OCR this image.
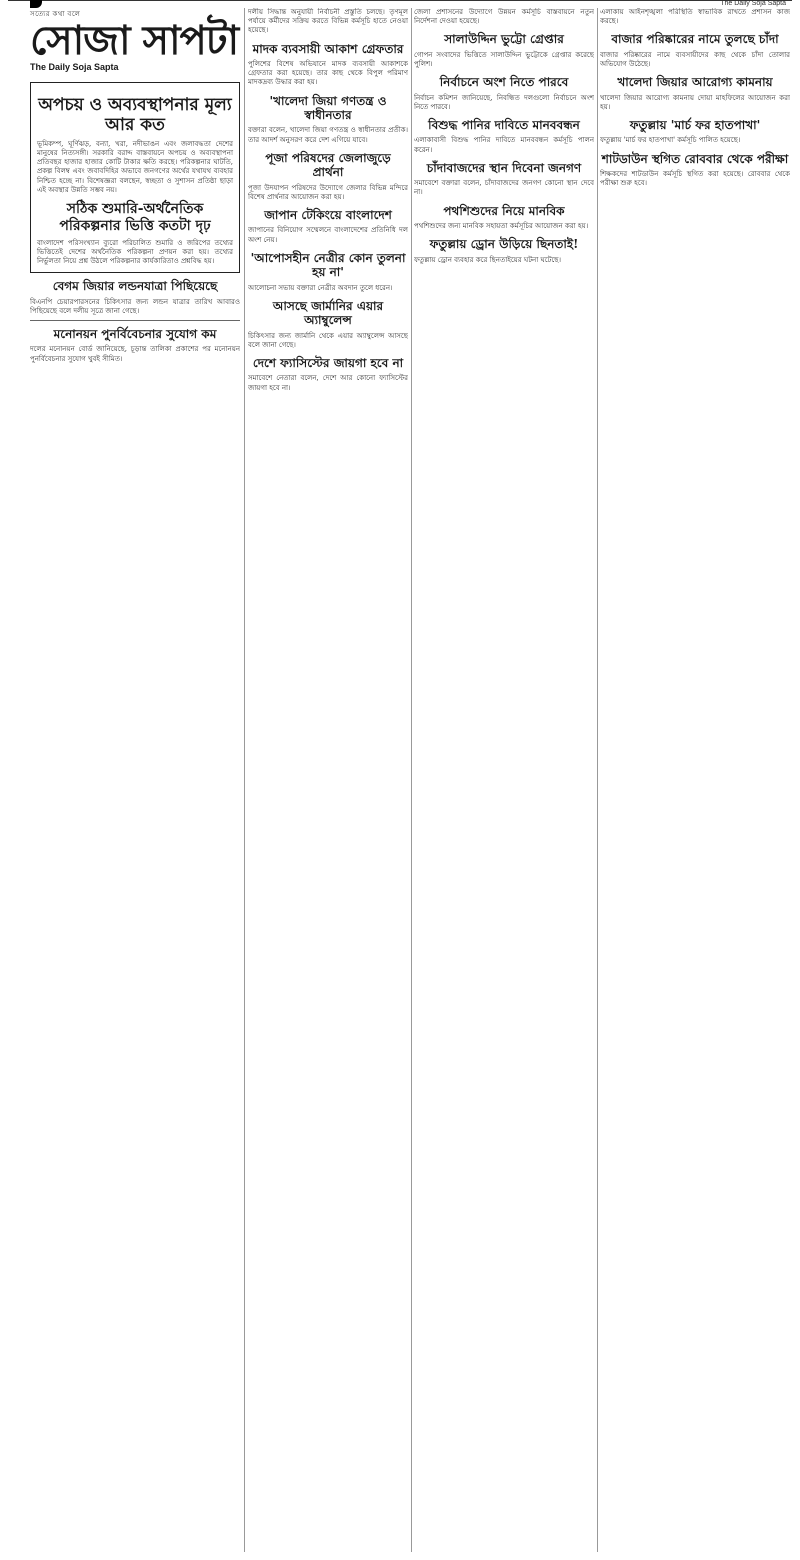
The Daily Soja Sapta
সত্যের কথা বলে
সোজা সাপটা
The Daily Soja Sapta
অপচয় ও অব্যবস্থাপনার মূল্য আর কত
ভূমিকম্প, ঘূর্ণিঝড়, বন্যা, খরা, নদীভাঙন এবং জলাবদ্ধতা দেশের মানুষের নিত্যসঙ্গী। সরকারি বরাদ্দ বাস্তবায়নে অপচয় ও অব্যবস্থাপনা প্রতিবছর হাজার হাজার কোটি টাকার ক্ষতি করছে। পরিকল্পনার ঘাটতি, প্রকল্প বিলম্ব এবং জবাবদিহির অভাবে জনগণের অর্থের যথাযথ ব্যবহার নিশ্চিত হচ্ছে না। বিশেষজ্ঞরা বলছেন, স্বচ্ছতা ও সুশাসন প্রতিষ্ঠা ছাড়া এই অবস্থার উন্নতি সম্ভব নয়।
সঠিক শুমারি-অর্থনৈতিক পরিকল্পনার ভিত্তি কতটা দৃঢ়
বাংলাদেশ পরিসংখ্যান ব্যুরো পরিচালিত শুমারি ও জরিপের তথ্যের ভিত্তিতেই দেশের অর্থনৈতিক পরিকল্পনা প্রণয়ন করা হয়। তথ্যের নির্ভুলতা নিয়ে প্রশ্ন উঠলে পরিকল্পনার কার্যকারিতাও প্রশ্নবিদ্ধ হয়।
বেগম জিয়ার লন্ডনযাত্রা পিছিয়েছে
বিএনপি চেয়ারপারসনের চিকিৎসার জন্য লন্ডন যাত্রার তারিখ আবারও পিছিয়েছে বলে দলীয় সূত্রে জানা গেছে।
মনোনয়ন পুনর্বিবেচনার সুযোগ কম
দলের মনোনয়ন বোর্ড জানিয়েছে, চূড়ান্ত তালিকা প্রকাশের পর মনোনয়ন পুনর্বিবেচনার সুযোগ খুবই সীমিত।
দলীয় সিদ্ধান্ত অনুযায়ী নির্বাচনী প্রস্তুতি চলছে। তৃণমূল পর্যায়ে কর্মীদের সক্রিয় করতে বিভিন্ন কর্মসূচি হাতে নেওয়া হয়েছে।
মাদক ব্যবসায়ী আকাশ গ্রেফতার
পুলিশের বিশেষ অভিযানে মাদক ব্যবসায়ী আকাশকে গ্রেফতার করা হয়েছে। তার কাছ থেকে বিপুল পরিমাণ মাদকদ্রব্য উদ্ধার করা হয়।
'খালেদা জিয়া গণতন্ত্র ও স্বাধীনতার
বক্তারা বলেন, খালেদা জিয়া গণতন্ত্র ও স্বাধীনতার প্রতীক। তার আদর্শ অনুসরণ করে দেশ এগিয়ে যাবে।
পূজা পরিষদের জেলাজুড়ে প্রার্থনা
পূজা উদযাপন পরিষদের উদ্যোগে জেলার বিভিন্ন মন্দিরে বিশেষ প্রার্থনার আয়োজন করা হয়।
জাপান টেকিংয়ে বাংলাদেশ
জাপানের বিনিয়োগ সম্মেলনে বাংলাদেশের প্রতিনিধি দল অংশ নেয়।
'আপোসহীন নেত্রীর কোন তুলনা হয় না'
আলোচনা সভায় বক্তারা নেত্রীর অবদান তুলে ধরেন।
আসছে জার্মানির এয়ার অ্যাম্বুলেন্স
চিকিৎসার জন্য জার্মানি থেকে এয়ার অ্যাম্বুলেন্স আসছে বলে জানা গেছে।
দেশে ফ্যাসিস্টের জায়গা হবে না
সমাবেশে নেতারা বলেন, দেশে আর কোনো ফ্যাসিস্টের জায়গা হবে না।
জেলা প্রশাসনের উদ্যোগে উন্নয়ন কর্মসূচি বাস্তবায়নে নতুন নির্দেশনা দেওয়া হয়েছে।
সালাউদ্দিন ভুট্টো গ্রেপ্তার
গোপন সংবাদের ভিত্তিতে সালাউদ্দিন ভুট্টোকে গ্রেপ্তার করেছে পুলিশ।
নির্বাচনে অংশ নিতে পারবে
নির্বাচন কমিশন জানিয়েছে, নিবন্ধিত দলগুলো নির্বাচনে অংশ নিতে পারবে।
বিশুদ্ধ পানির দাবিতে মানববন্ধন
এলাকাবাসী বিশুদ্ধ পানির দাবিতে মানববন্ধন কর্মসূচি পালন করেন।
চাঁদাবাজদের স্থান দিবেনা জনগণ
সমাবেশে বক্তারা বলেন, চাঁদাবাজদের জনগণ কোনো স্থান দেবে না।
পথশিশুদের নিয়ে মানবিক
পথশিশুদের জন্য মানবিক সহায়তা কর্মসূচির আয়োজন করা হয়।
ফতুল্লায় ড্রোন উড়িয়ে ছিনতাই!
ফতুল্লায় ড্রোন ব্যবহার করে ছিনতাইয়ের ঘটনা ঘটেছে।
এলাকায় আইনশৃঙ্খলা পরিস্থিতি স্বাভাবিক রাখতে প্রশাসন কাজ করছে।
বাজার পরিষ্কারের নামে তুলছে চাঁদা
বাজার পরিষ্কারের নামে ব্যবসায়ীদের কাছ থেকে চাঁদা তোলার অভিযোগ উঠেছে।
খালেদা জিয়ার আরোগ্য কামনায়
খালেদা জিয়ার আরোগ্য কামনায় দোয়া মাহফিলের আয়োজন করা হয়।
ফতুল্লায় 'মার্চ ফর হাতপাখা'
ফতুল্লায় 'মার্চ ফর হাতপাখা' কর্মসূচি পালিত হয়েছে।
শাটডাউন স্থগিত রোববার থেকে পরীক্ষা
শিক্ষকদের শাটডাউন কর্মসূচি স্থগিত করা হয়েছে। রোববার থেকে পরীক্ষা শুরু হবে।
